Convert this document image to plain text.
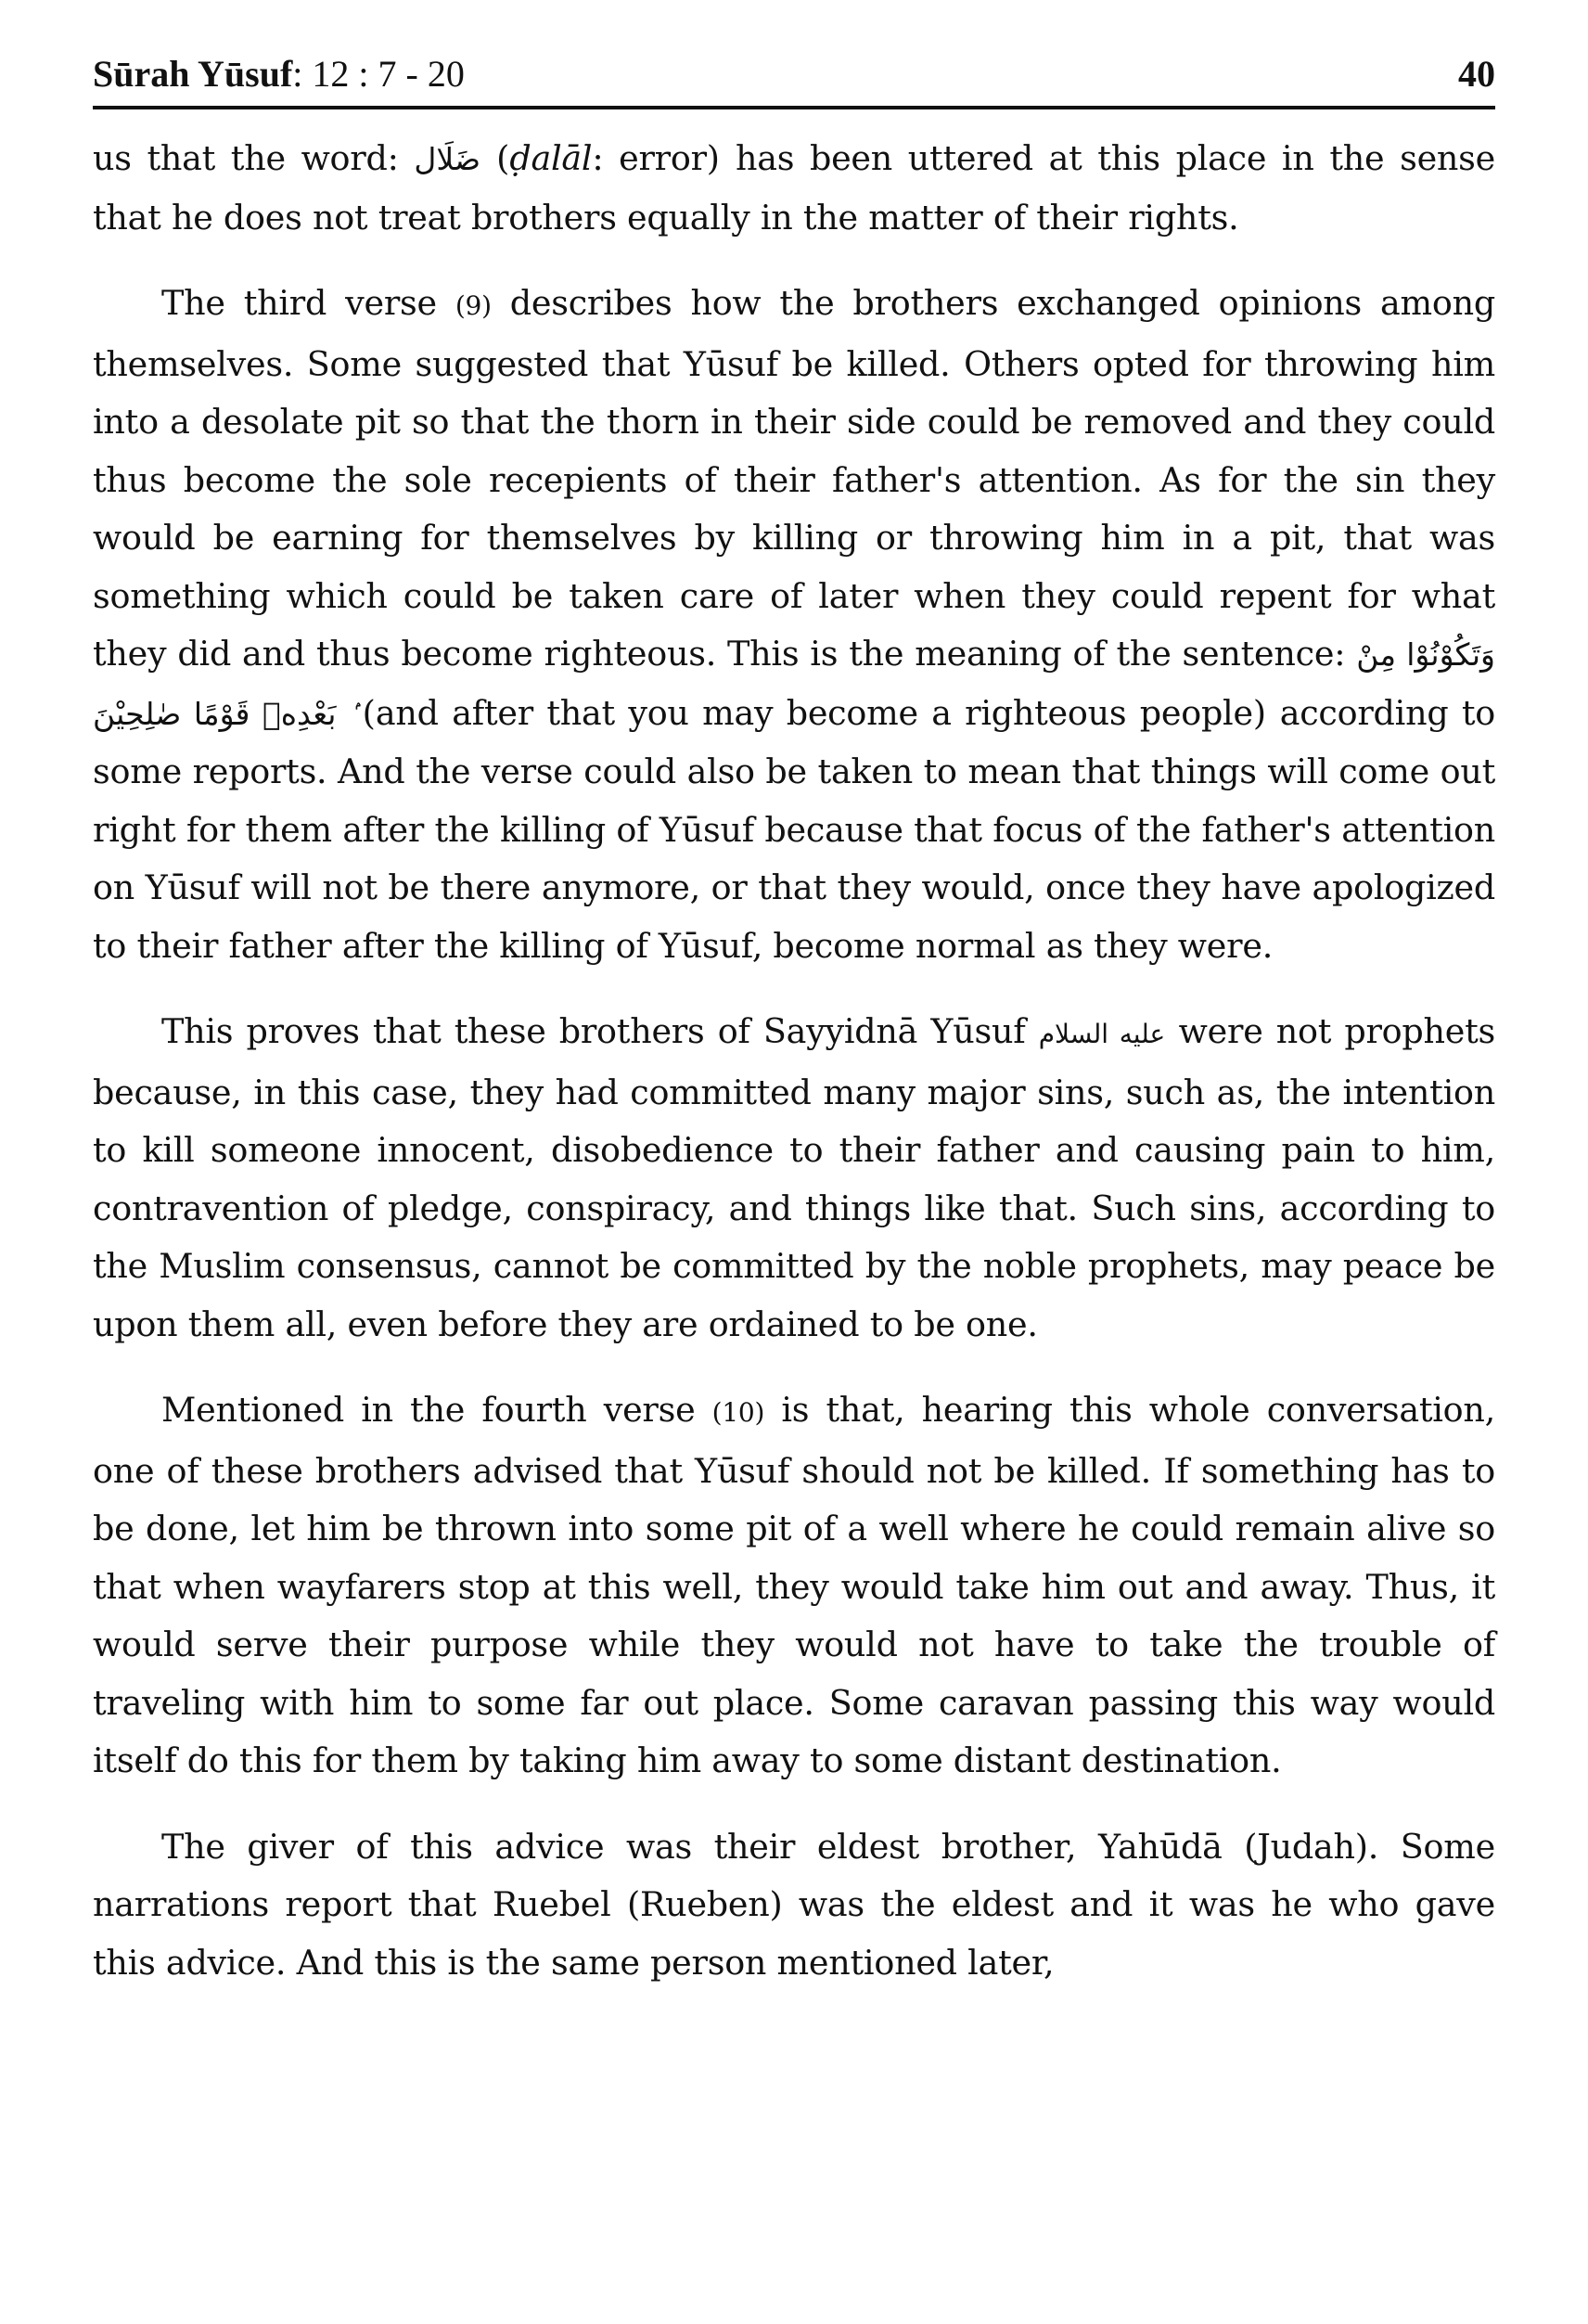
Sūrah Yūsuf: 12 : 7 - 20	40

us that the word: ضَلَال (ḍalāl: error) has been uttered at this place in the sense that he does not treat brothers equally in the matter of their rights.

The third verse (9) describes how the brothers exchanged opinions among themselves. Some suggested that Yūsuf be killed. Others opted for throwing him into a desolate pit so that the thorn in their side could be removed and they could thus become the sole recepients of their father's attention. As for the sin they would be earning for themselves by killing or throwing him in a pit, that was something which could be taken care of later when they could repent for what they did and thus become righteous. This is the meaning of the sentence: وَتَكُوْنُوْا مِنْ ۢ بَعْدِهٖ قَوْمًا صٰلِحِيْنَ (and after that you may become a righteous people) according to some reports. And the verse could also be taken to mean that things will come out right for them after the killing of Yūsuf because that focus of the father's attention on Yūsuf will not be there anymore, or that they would, once they have apologized to their father after the killing of Yūsuf, become normal as they were.

This proves that these brothers of Sayyidnā Yūsuf عليه السلام were not prophets because, in this case, they had committed many major sins, such as, the intention to kill someone innocent, disobedience to their father and causing pain to him, contravention of pledge, conspiracy, and things like that. Such sins, according to the Muslim consensus, cannot be committed by the noble prophets, may peace be upon them all, even before they are ordained to be one.

Mentioned in the fourth verse (10) is that, hearing this whole conversation, one of these brothers advised that Yūsuf should not be killed. If something has to be done, let him be thrown into some pit of a well where he could remain alive so that when wayfarers stop at this well, they would take him out and away. Thus, it would serve their purpose while they would not have to take the trouble of traveling with him to some far out place. Some caravan passing this way would itself do this for them by taking him away to some distant destination.

The giver of this advice was their eldest brother, Yahūdā (Judah). Some narrations report that Ruebel (Rueben) was the eldest and it was he who gave this advice. And this is the same person mentioned later,
